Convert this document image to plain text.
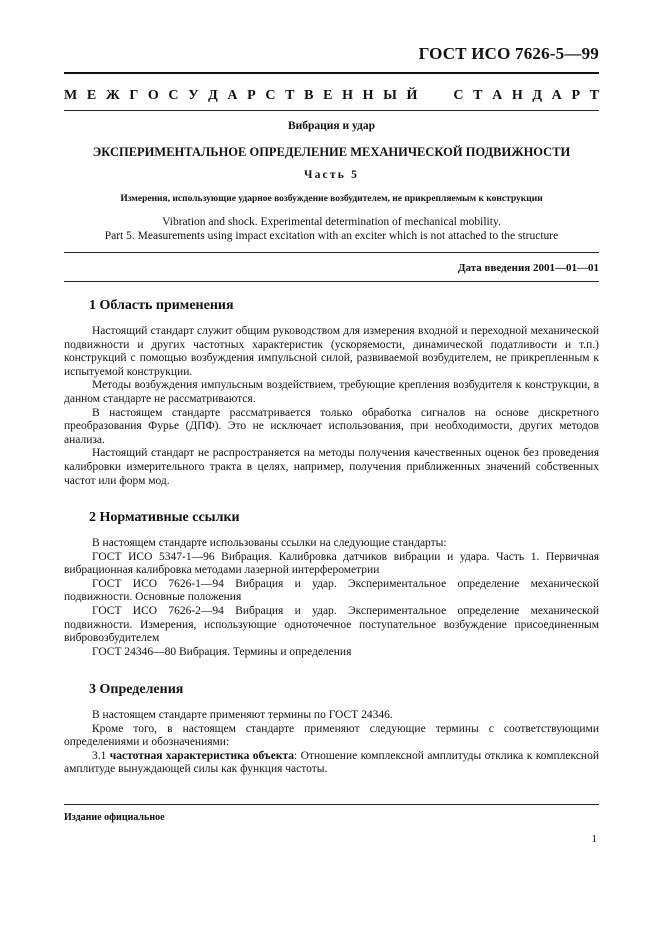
ГОСТ ИСО 7626-5—99
М Е Ж Г О С У Д А Р С Т В Е Н Н Ы Й

	С Т А Н Д А Р Т
Вибрация и удар
ЭКСПЕРИМЕНТАЛЬНОЕ ОПРЕДЕЛЕНИЕ МЕХАНИЧЕСКОЙ ПОДВИЖНОСТИ
Часть 5
Измерения, использующие ударное возбуждение возбудителем, не прикрепляемым к конструкции
Vibration and shock. Experimental determination of mechanical mobility.
Part 5. Measurements using impact excitation with an exciter which is not attached to the structure
Дата введения 2001—01—01
1 Область применения

Настоящий стандарт служит общим руководством для измерения входной и переходной механической подвижности и других частотных характеристик (ускоряемости, динамической податливости и т.п.) конструкций с помощью возбуждения импульсной силой, развиваемой возбудителем, не прикрепленным к испытуемой конструкции.

Методы возбуждения импульсным воздействием, требующие крепления возбудителя к конструкции, в данном стандарте не рассматриваются.

В настоящем стандарте рассматривается только обработка сигналов на основе дискретного преобразования Фурье (ДПФ). Это не исключает использования, при необходимости, других методов анализа.

Настоящий стандарт не распространяется на методы получения качественных оценок без проведения калибровки измерительного тракта в целях, например, получения приближенных значений собственных частот или форм мод.

2 Нормативные ссылки

В настоящем стандарте использованы ссылки на следующие стандарты:

ГОСТ ИСО 5347-1—96 Вибрация. Калибровка датчиков вибрации и удара. Часть 1. Первичная вибрационная калибровка методами лазерной интерферометрии

ГОСТ ИСО 7626-1—94 Вибрация и удар. Экспериментальное определение механической подвижности. Основные положения

ГОСТ ИСО 7626-2—94 Вибрация и удар. Экспериментальное определение механической подвижности. Измерения, использующие одноточечное поступательное возбуждение присоединенным вибровозбудителем

ГОСТ 24346—80 Вибрация. Термины и определения

3 Определения

В настоящем стандарте применяют термины по ГОСТ 24346.

Кроме того, в настоящем стандарте применяют следующие термины с соответствующими определениями и обозначениями:

3.1 частотная характеристика объекта: Отношение комплексной амплитуды отклика к комплексной амплитуде вынуждающей силы как функция частоты.

Издание официальное
1
